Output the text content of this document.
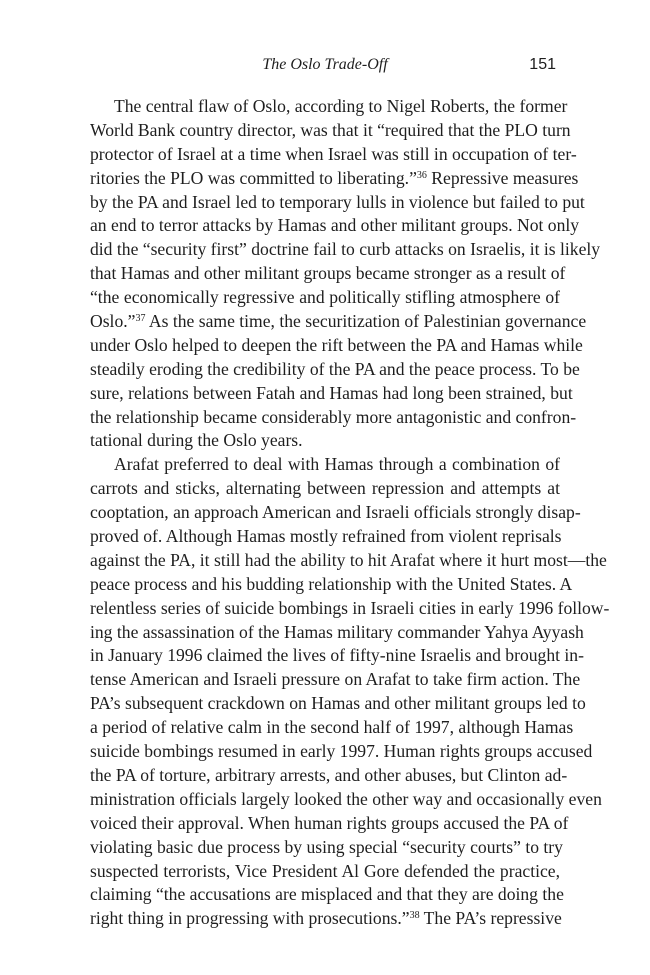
The Oslo Trade-Off	151
The central flaw of Oslo, according to Nigel Roberts, the former
World Bank country director, was that it “required that the PLO turn
protector of Israel at a time when Israel was still in occupation of ter-
ritories the PLO was committed to liberating.”$^{36}$ Repressive measures
by the PA and Israel led to temporary lulls in violence but failed to put
an end to terror attacks by Hamas and other militant groups. Not only
did the “security first” doctrine fail to curb attacks on Israelis, it is likely
that Hamas and other militant groups became stronger as a result of
“the economically regressive and politically stifling atmosphere of
Oslo.”$^{37}$ As the same time, the securitization of Palestinian governance
under Oslo helped to deepen the rift between the PA and Hamas while
steadily eroding the credibility of the PA and the peace process. To be
sure, relations between Fatah and Hamas had long been strained, but
the relationship became considerably more antagonistic and confron-
tational during the Oslo years.
Arafat preferred to deal with Hamas through a combination of
carrots and sticks, alternating between repression and attempts at
cooptation, an approach American and Israeli officials strongly disap-
proved of. Although Hamas mostly refrained from violent reprisals
against the PA, it still had the ability to hit Arafat where it hurt most—the
peace process and his budding relationship with the United States. A
relentless series of suicide bombings in Israeli cities in early 1996 follow-
ing the assassination of the Hamas military commander Yahya Ayyash
in January 1996 claimed the lives of fifty-nine Israelis and brought in-
tense American and Israeli pressure on Arafat to take firm action. The
PA’s subsequent crackdown on Hamas and other militant groups led to
a period of relative calm in the second half of 1997, although Hamas
suicide bombings resumed in early 1997. Human rights groups accused
the PA of torture, arbitrary arrests, and other abuses, but Clinton ad-
ministration officials largely looked the other way and occasionally even
voiced their approval. When human rights groups accused the PA of
violating basic due process by using special “security courts” to try
suspected terrorists, Vice President Al Gore defended the practice,
claiming “the accusations are misplaced and that they are doing the
right thing in progressing with prosecutions.”$^{38}$ The PA’s repressive
